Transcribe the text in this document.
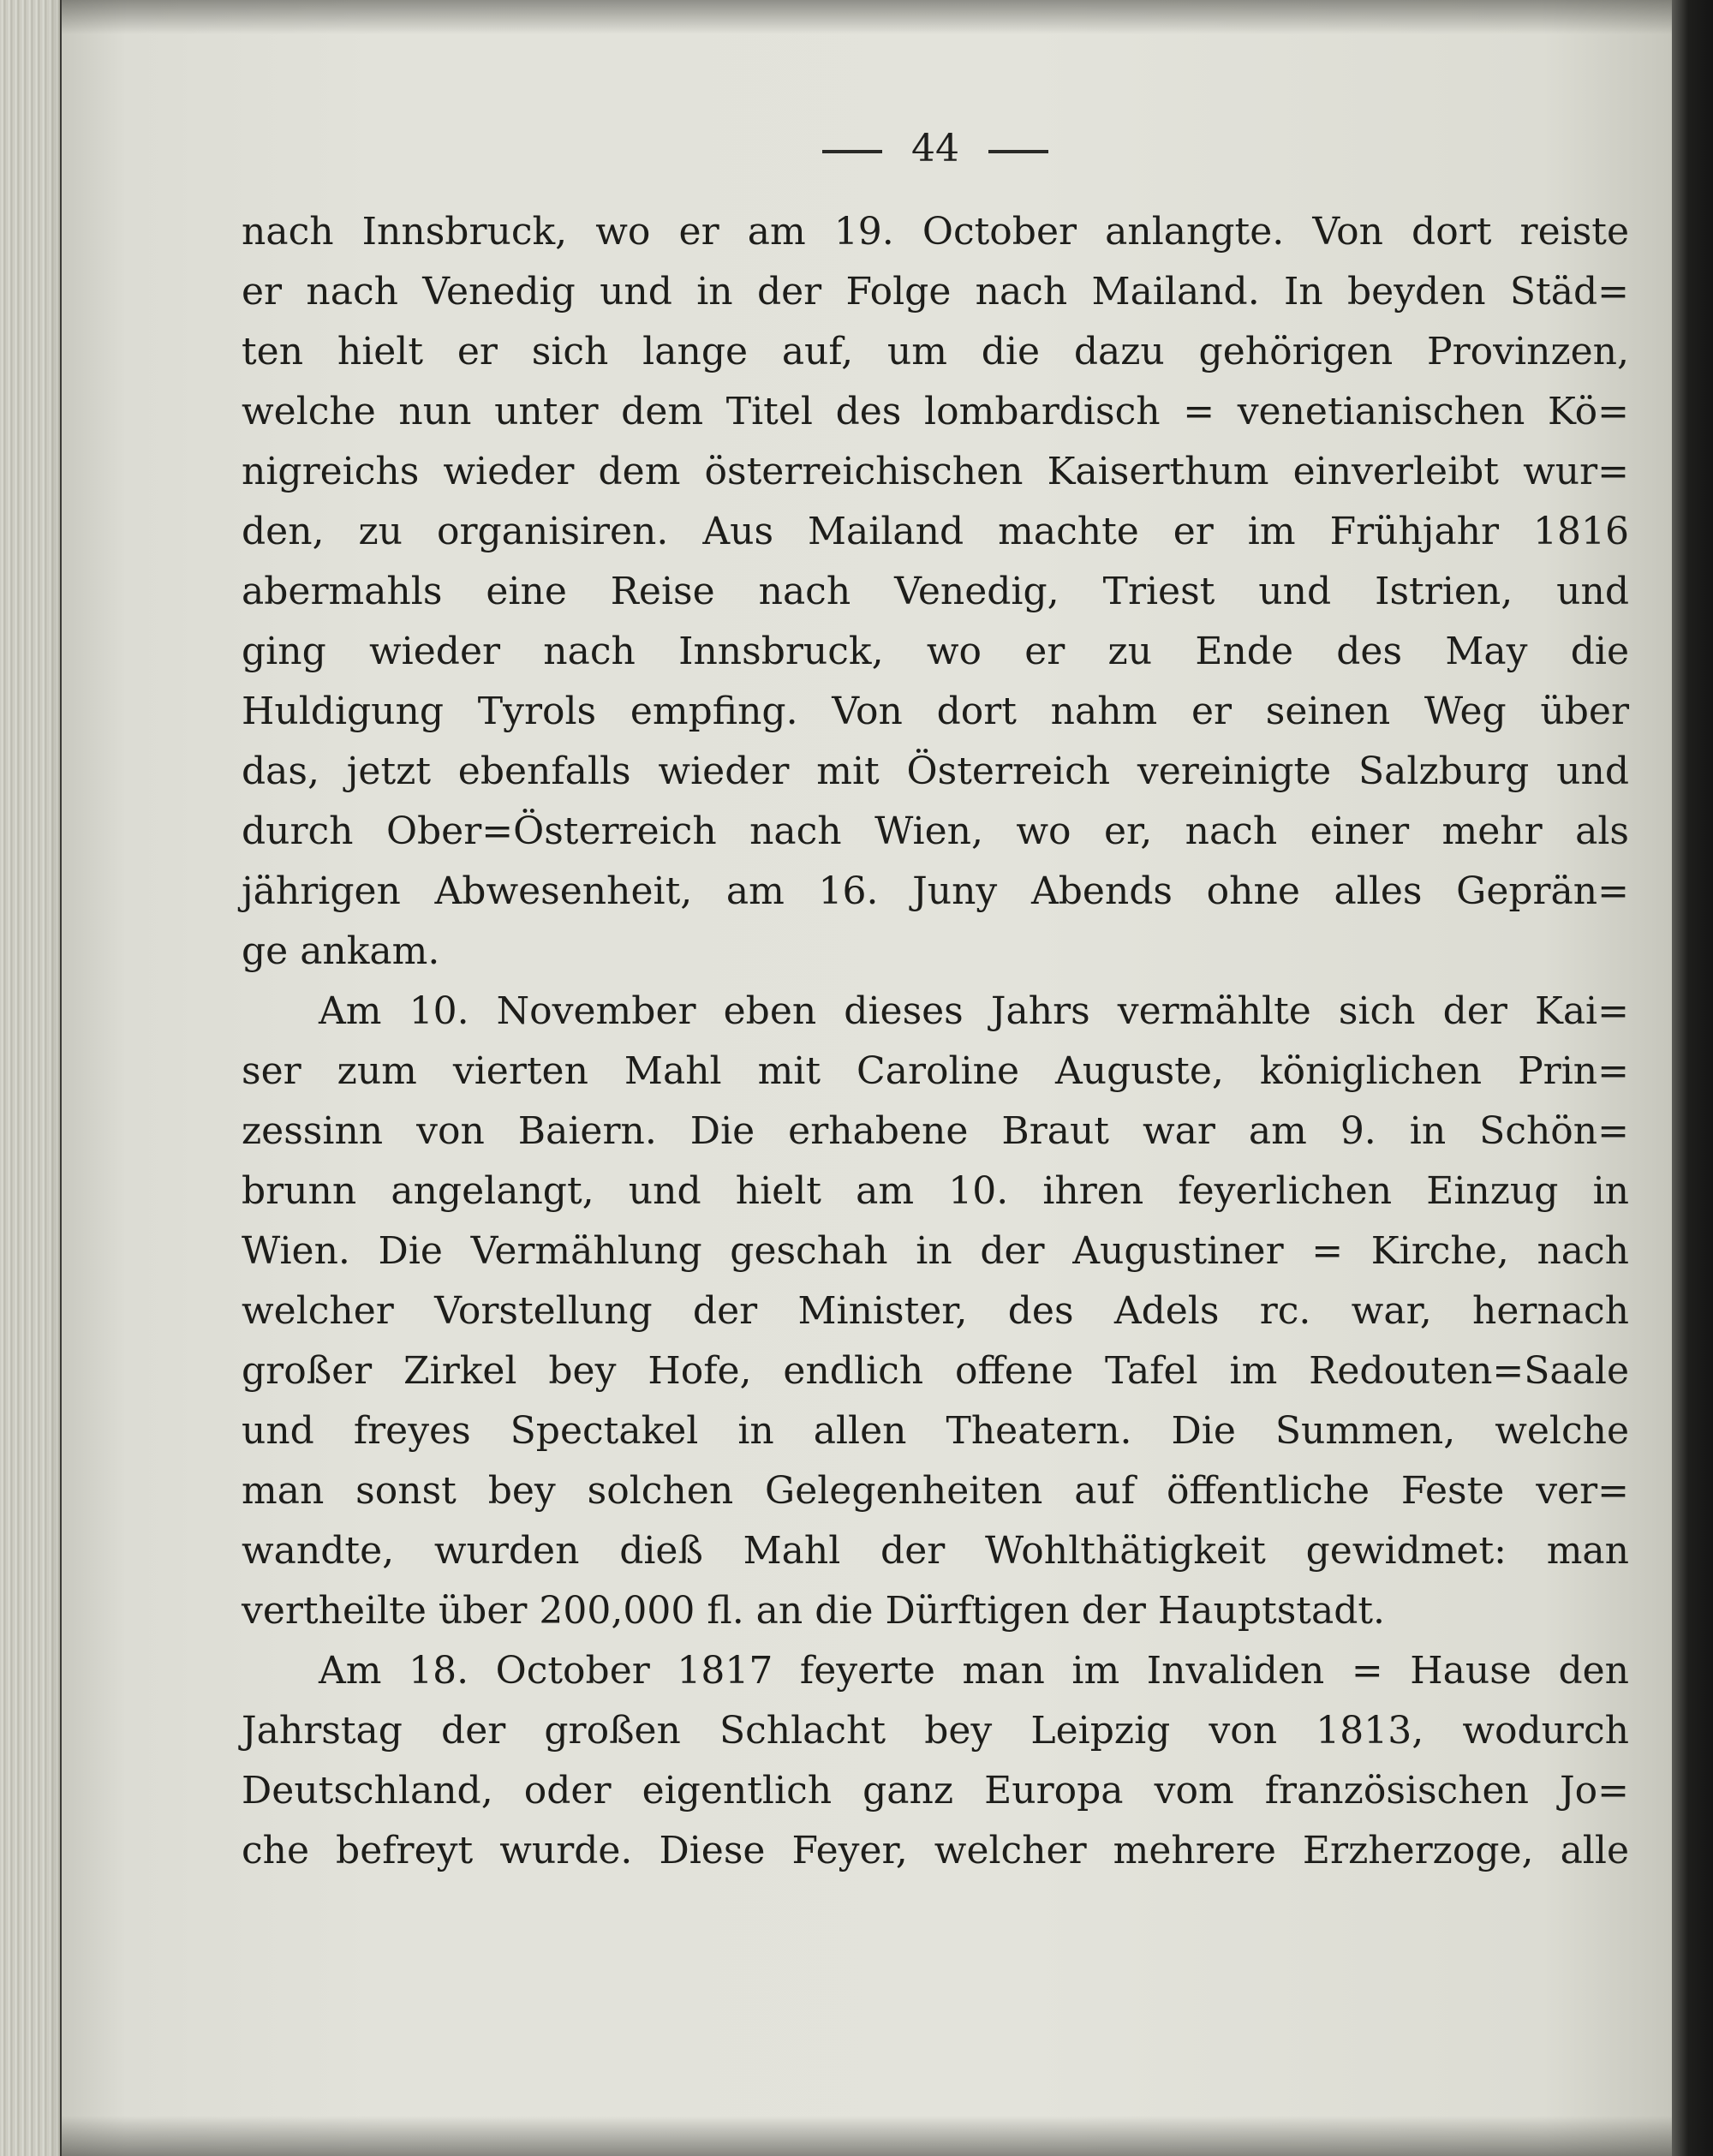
44
nach Innsbruck, wo er am 19. October anlangte. Von dort reiste
er nach Venedig und in der Folge nach Mailand. In beyden Städ=
ten hielt er sich lange auf, um die dazu gehörigen Provinzen,
welche nun unter dem Titel des lombardisch = venetianischen Kö=
nigreichs wieder dem österreichischen Kaiserthum einverleibt wur=
den, zu organisiren. Aus Mailand machte er im Frühjahr 1816
abermahls eine Reise nach Venedig, Triest und Istrien, und
ging wieder nach Innsbruck, wo er zu Ende des May die
Huldigung Tyrols empfing. Von dort nahm er seinen Weg über
das, jetzt ebenfalls wieder mit Österreich vereinigte Salzburg und
durch Ober=Österreich nach Wien, wo er, nach einer mehr als
jährigen Abwesenheit, am 16. Juny Abends ohne alles Geprän=
ge ankam.
Am 10. November eben dieses Jahrs vermählte sich der Kai=
ser zum vierten Mahl mit Caroline Auguste, königlichen Prin=
zessinn von Baiern. Die erhabene Braut war am 9. in Schön=
brunn angelangt, und hielt am 10. ihren feyerlichen Einzug in
Wien. Die Vermählung geschah in der Augustiner = Kirche, nach
welcher Vorstellung der Minister, des Adels rc. war, hernach
großer Zirkel bey Hofe, endlich offene Tafel im Redouten=Saale
und freyes Spectakel in allen Theatern. Die Summen, welche
man sonst bey solchen Gelegenheiten auf öffentliche Feste ver=
wandte, wurden dieß Mahl der Wohlthätigkeit gewidmet: man
vertheilte über 200,000 fl. an die Dürftigen der Hauptstadt.
Am 18. October 1817 feyerte man im Invaliden = Hause den
Jahrstag der großen Schlacht bey Leipzig von 1813, wodurch
Deutschland, oder eigentlich ganz Europa vom französischen Jo=
che befreyt wurde. Diese Feyer, welcher mehrere Erzherzoge, alle
